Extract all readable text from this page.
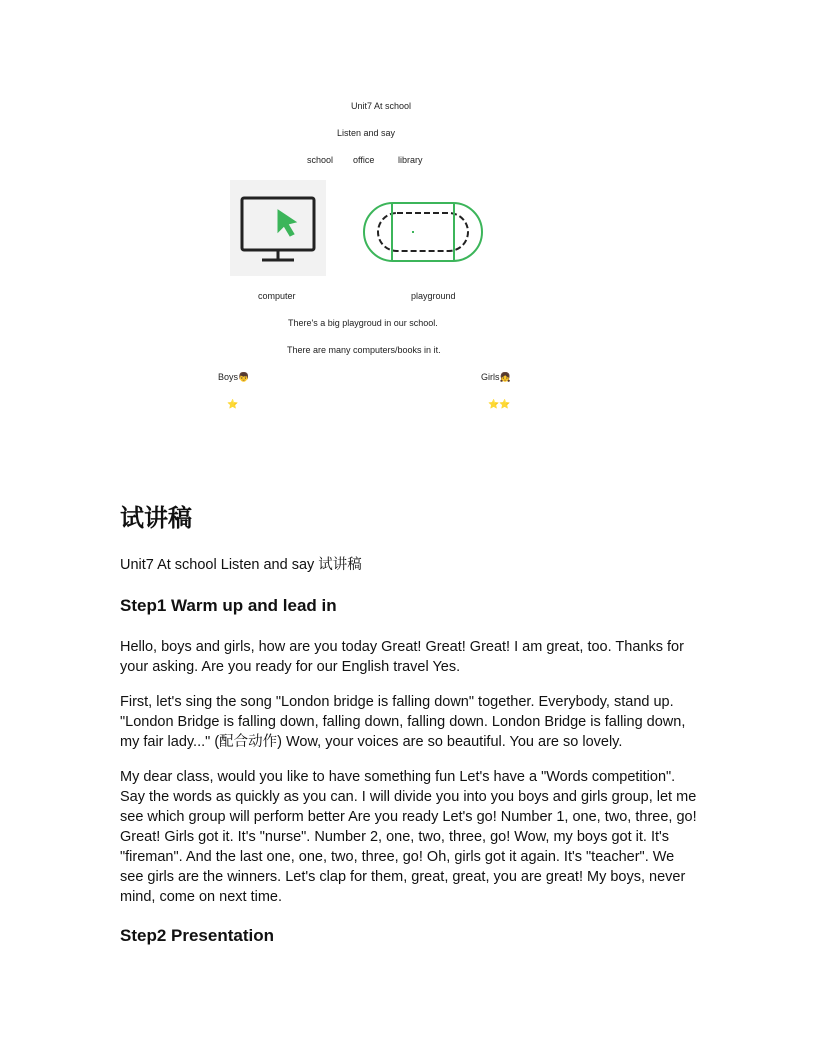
Unit7 At school
Listen and say
school office	library
computer	playground
There's a big playgroud in our school.
There are many computers/books in it.
Boys👦	Girls👧
⭐	⭐⭐
试讲稿

Unit7 At school Listen and say 试讲稿

Step1 Warm up and lead in

Hello, boys and girls, how are you today Great! Great! Great! I am great, too. Thanks for your asking. Are you ready for our English travel Yes.

First, let's sing the song "London bridge is falling down" together. Everybody, stand up. "London Bridge is falling down, falling down, falling down. London Bridge is falling down, my fair lady..." (配合动作) Wow, your voices are so beautiful. You are so lovely.

My dear class, would you like to have something fun Let's have a "Words competition". Say the words as quickly as you can. I will divide you into you boys and girls group, let me see which group will perform better Are you ready Let's go! Number 1, one, two, three, go! Great! Girls got it. It's "nurse". Number 2, one, two, three, go! Wow, my boys got it. It's "fireman". And the last one, one, two, three, go! Oh, girls got it again. It's "teacher". We see girls are the winners. Let's clap for them, great, great, you are great! My boys, never mind, come on next time.

Step2 Presentation
